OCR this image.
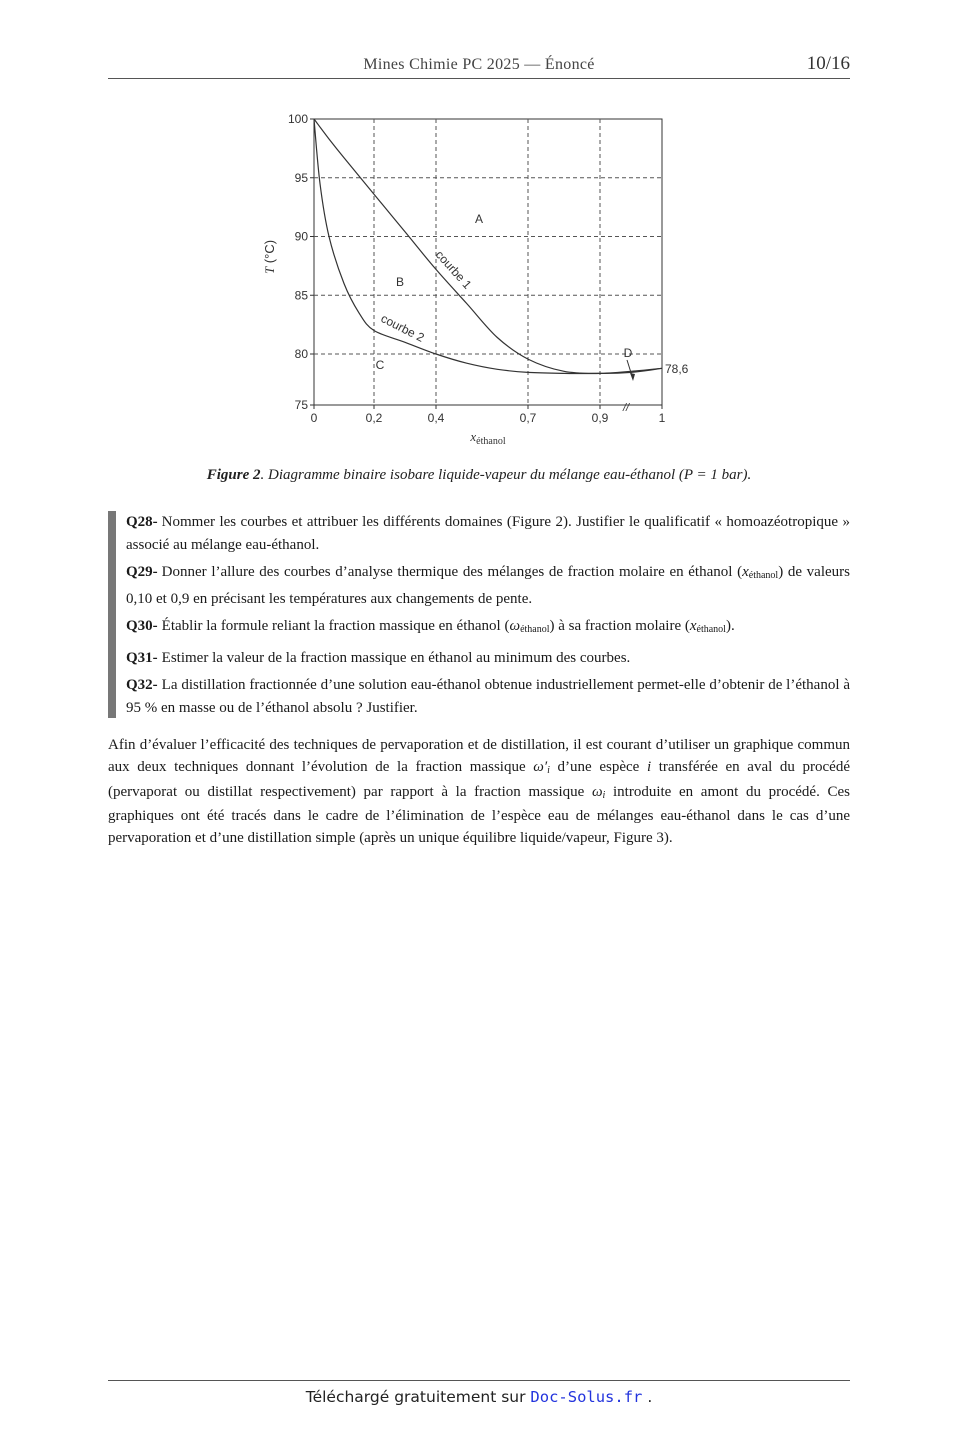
Mines Chimie PC 2025 — Énoncé	10/16
0	0,2	0,4	0,7	0,9	1
75
80
85
90
95
100
T (°C)
$x_{éthanol}$
A
B
C
D
courbe 1
courbe 2
78,6
//
Figure 2. Diagramme binaire isobare liquide-vapeur du mélange eau-éthanol (P = 1 bar).

Q28- Nommer les courbes et attribuer les différents domaines (Figure 2). Justifier le qualificatif « homoazéotropique » associé au mélange eau-éthanol.

Q29- Donner l’allure des courbes d’analyse thermique des mélanges de fraction molaire en éthanol $(x_{éthanol})$ de valeurs 0,10 et 0,9 en précisant les températures aux changements de pente.

Q30- Établir la formule reliant la fraction massique en éthanol $(\omega_{éthanol})$ à sa fraction molaire $(x_{éthanol})$.

Q31- Estimer la valeur de la fraction massique en éthanol au minimum des courbes.

Q32- La distillation fractionnée d’une solution eau-éthanol obtenue industriellement permet-elle d’obtenir de l’éthanol à 95 % en masse ou de l’éthanol absolu ? Justifier.

Afin d’évaluer l’efficacité des techniques de pervaporation et de distillation, il est courant d’utiliser un graphique commun aux deux techniques donnant l’évolution de la fraction massique $\omega'_i$ d’une espèce i transférée en aval du procédé (pervaporat ou distillat respectivement) par rapport à la fraction massique $\omega_i$ introduite en amont du procédé. Ces graphiques ont été tracés dans le cadre de l’élimination de l’espèce eau de mélanges eau-éthanol dans le cas d’une pervaporation et d’une distillation simple (après un unique équilibre liquide/vapeur, Figure 3).

Téléchargé gratuitement sur Doc-Solus.fr .
